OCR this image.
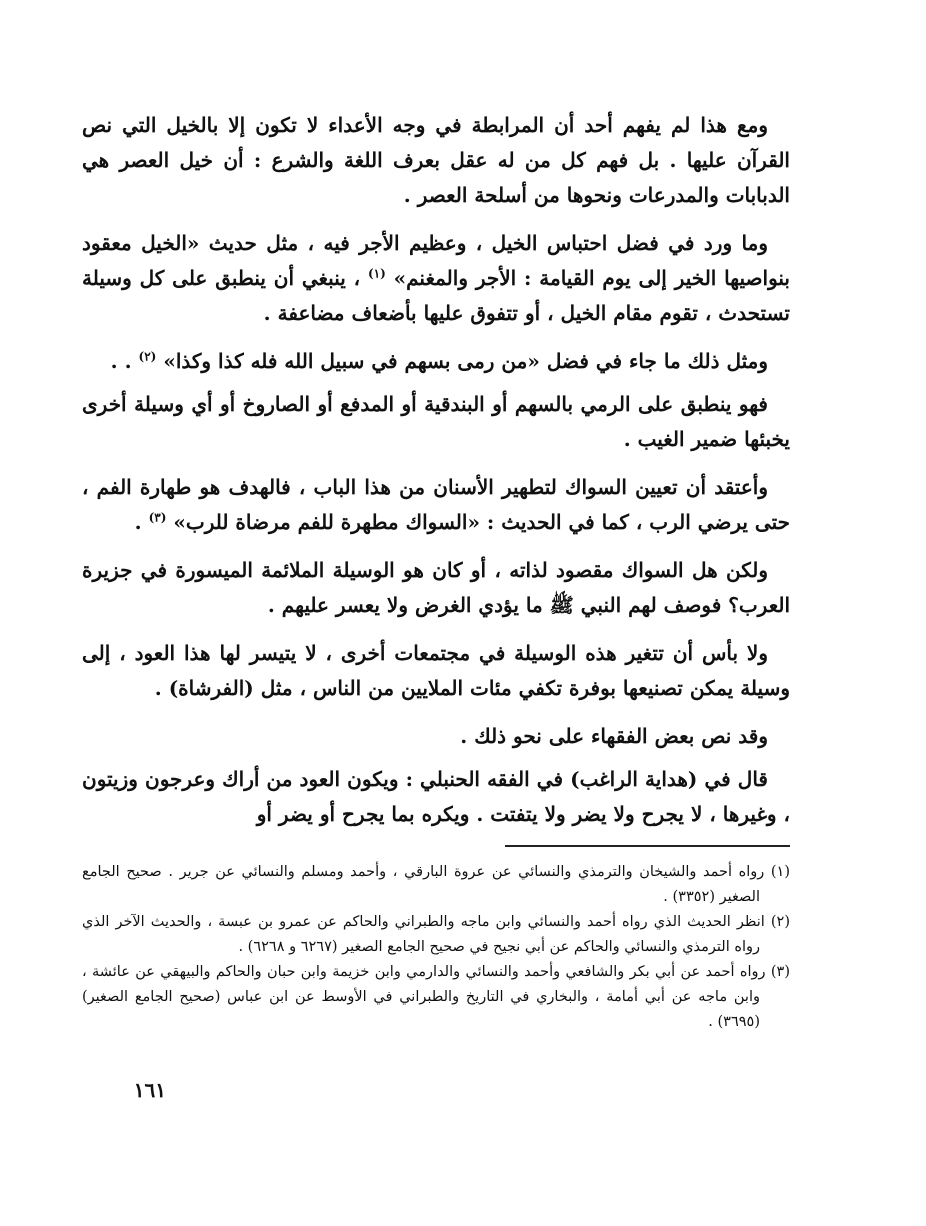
ومع هذا لم يفهم أحد أن المرابطة في وجه الأعداء لا تكون إلا بالخيل التي نص القرآن عليها . بل فهم كل من له عقل بعرف اللغة والشرع : أن خيل العصر هي الدبابات والمدرعات ونحوها من أسلحة العصر .

وما ورد في فضل احتباس الخيل ، وعظيم الأجر فيه ، مثل حديث «الخيل معقود بنواصيها الخير إلى يوم القيامة : الأجر والمغنم» $^{(١)}$ ، ينبغي أن ينطبق على كل وسيلة تستحدث ، تقوم مقام الخيل ، أو تتفوق عليها بأضعاف مضاعفة .

ومثل ذلك ما جاء في فضل «من رمى بسهم في سبيل الله فله كذا وكذا» $^{(٢)}$ . .

فهو ينطبق على الرمي بالسهم أو البندقية أو المدفع أو الصاروخ أو أي وسيلة أخرى يخبئها ضمير الغيب .

وأعتقد أن تعيين السواك لتطهير الأسنان من هذا الباب ، فالهدف هو طهارة الفم ، حتى يرضي الرب ، كما في الحديث : «السواك مطهرة للفم مرضاة للرب» $^{(٣)}$ .

ولكن هل السواك مقصود لذاته ، أو كان هو الوسيلة الملائمة الميسورة في جزيرة العرب؟ فوصف لهم النبي ﷺ ما يؤدي الغرض ولا يعسر عليهم .

ولا بأس أن تتغير هذه الوسيلة في مجتمعات أخرى ، لا يتيسر لها هذا العود ، إلى وسيلة يمكن تصنيعها بوفرة تكفي مئات الملايين من الناس ، مثل (الفرشاة) .

وقد نص بعض الفقهاء على نحو ذلك .

قال في (هداية الراغب) في الفقه الحنبلي : ويكون العود من أراك وعرجون وزيتون ، وغيرها ، لا يجرح ولا يضر ولا يتفتت . ويكره بما يجرح أو يضر أو

(١) رواه أحمد والشيخان والترمذي والنسائي عن عروة البارقي ، وأحمد ومسلم والنسائي عن جرير . صحيح الجامع الصغير (٣٣٥٢) .

(٢) انظر الحديث الذي رواه أحمد والنسائي وابن ماجه والطبراني والحاكم عن عمرو بن عبسة ، والحديث الآخر الذي رواه الترمذي والنسائي والحاكم عن أبي نجيح في صحيح الجامع الصغير (٦٢٦٧ و ٦٢٦٨) .

(٣) رواه أحمد عن أبي بكر والشافعي وأحمد والنسائي والدارمي وابن خزيمة وابن حبان والحاكم والبيهقي عن عائشة ، وابن ماجه عن أبي أمامة ، والبخاري في التاريخ والطبراني في الأوسط عن ابن عباس (صحيح الجامع الصغير) (٣٦٩٥) .

١٦١
